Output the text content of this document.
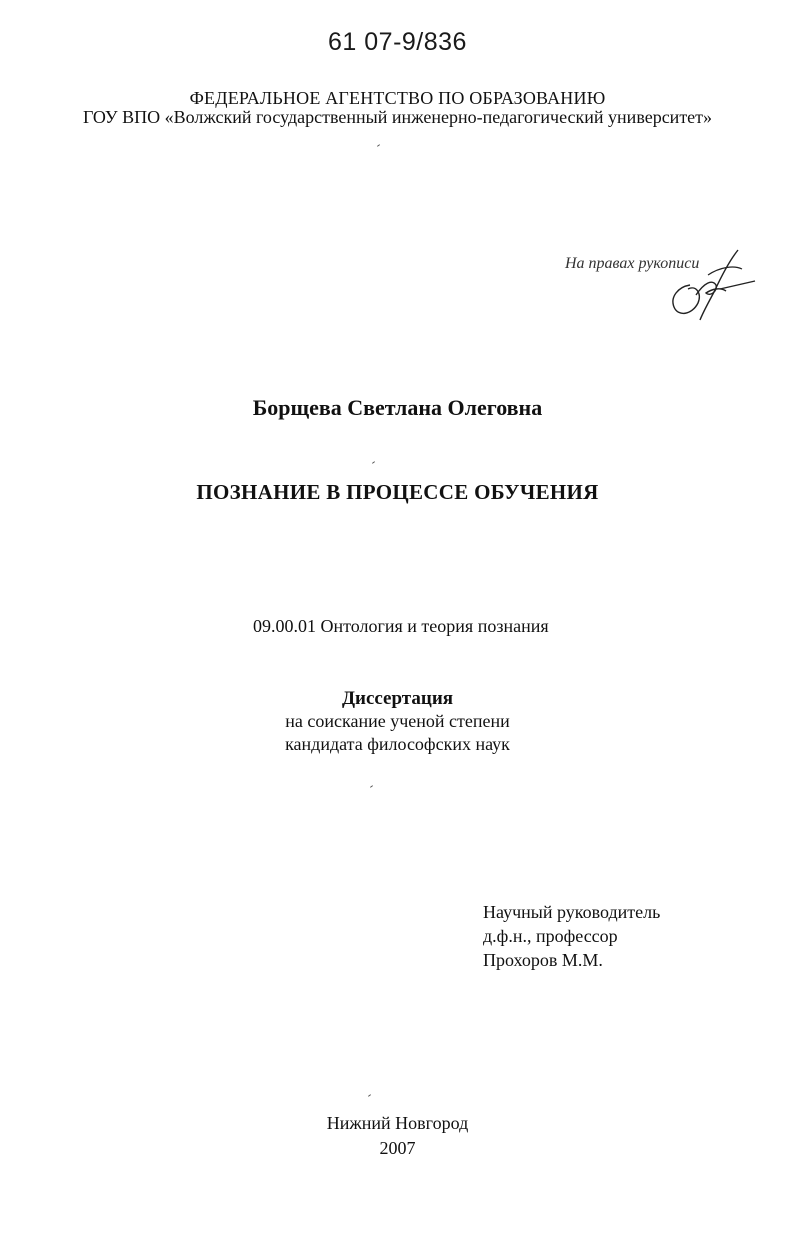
61 07-9/836
ФЕДЕРАЛЬНОЕ АГЕНТСТВО ПО ОБРАЗОВАНИЮ
ГОУ ВПО «Волжский государственный инженерно-педагогический университет»
На правах рукописи
Борщева Светлана Олеговна
ПОЗНАНИЕ В ПРОЦЕССЕ ОБУЧЕНИЯ
09.00.01 Онтология и теория познания
Диссертация
на соискание ученой степени
кандидата философских наук
Научный руководитель
д.ф.н., профессор
Прохоров М.М.
Нижний Новгород
2007
